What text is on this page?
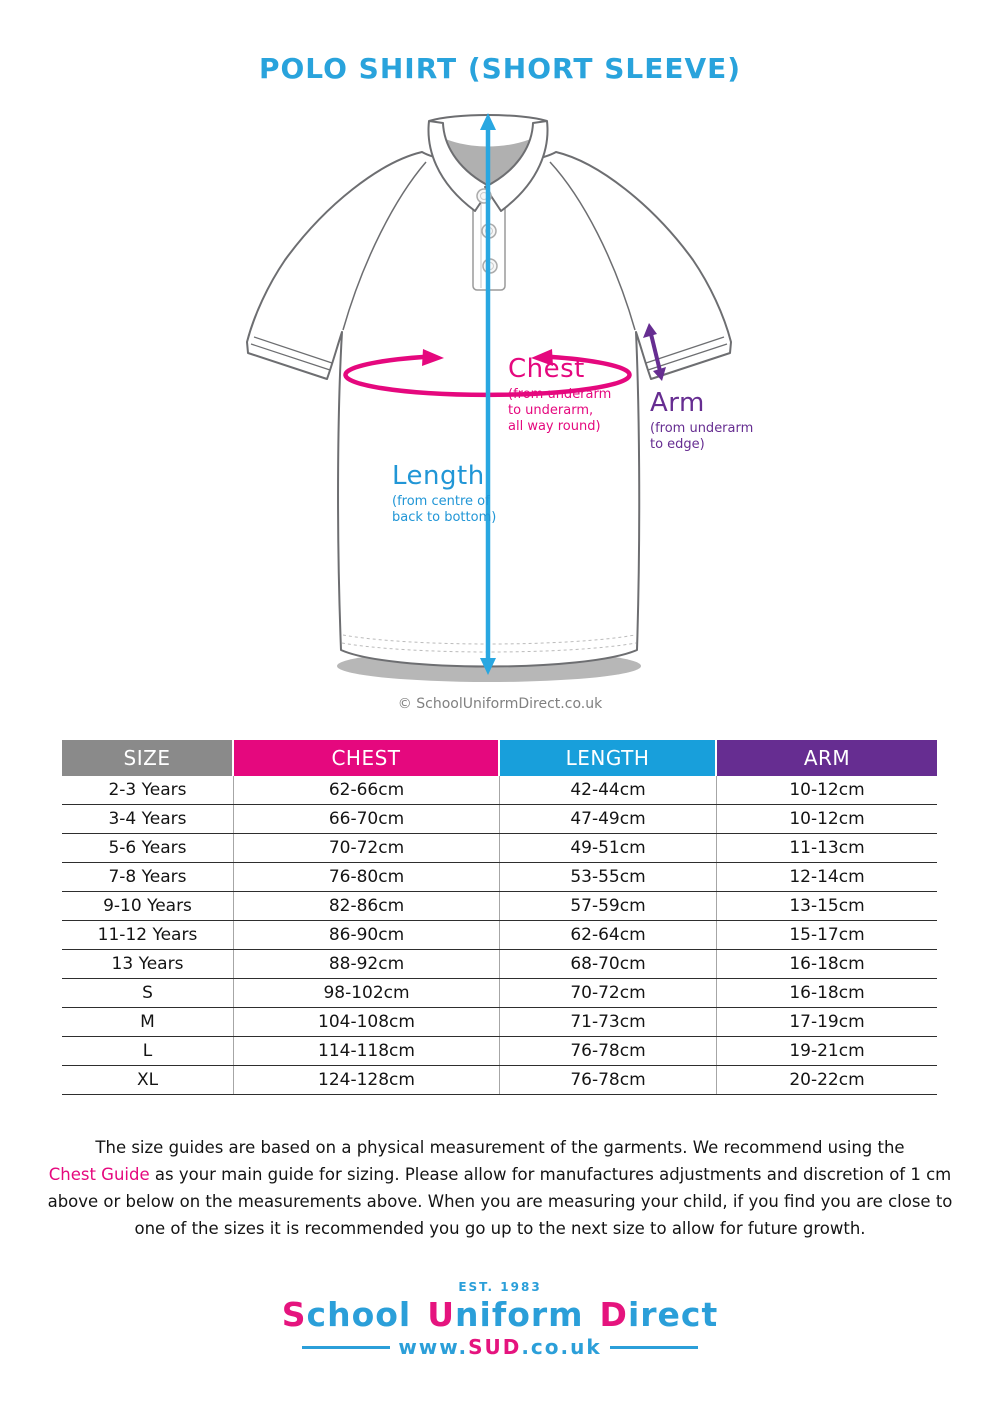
POLO SHIRT (SHORT SLEEVE)
Chest
(from underarm
to underarm,
all way round)
Arm
(from underarm
to edge)
Length
(from centre of
back to bottom)
© SchoolUniformDirect.co.uk
SIZE	CHEST	LENGTH	ARM
2-3 Years	62-66cm	42-44cm	10-12cm
3-4 Years	66-70cm	47-49cm	10-12cm
5-6 Years	70-72cm	49-51cm	11-13cm
7-8 Years	76-80cm	53-55cm	12-14cm
9-10 Years	82-86cm	57-59cm	13-15cm
11-12 Years	86-90cm	62-64cm	15-17cm
13 Years	88-92cm	68-70cm	16-18cm
S	98-102cm	70-72cm	16-18cm
M	104-108cm	71-73cm	17-19cm
L	114-118cm	76-78cm	19-21cm
XL	124-128cm	76-78cm	20-22cm
The size guides are based on a physical measurement of the garments. We recommend using the
Chest Guide as your main guide for sizing. Please allow for manufactures adjustments and discretion of 1 cm
above or below on the measurements above. When you are measuring your child, if you find you are close to
one of the sizes it is recommended you go up to the next size to allow for future growth.
EST. 1983
School Uniform Direct
www.SUD.co.uk
